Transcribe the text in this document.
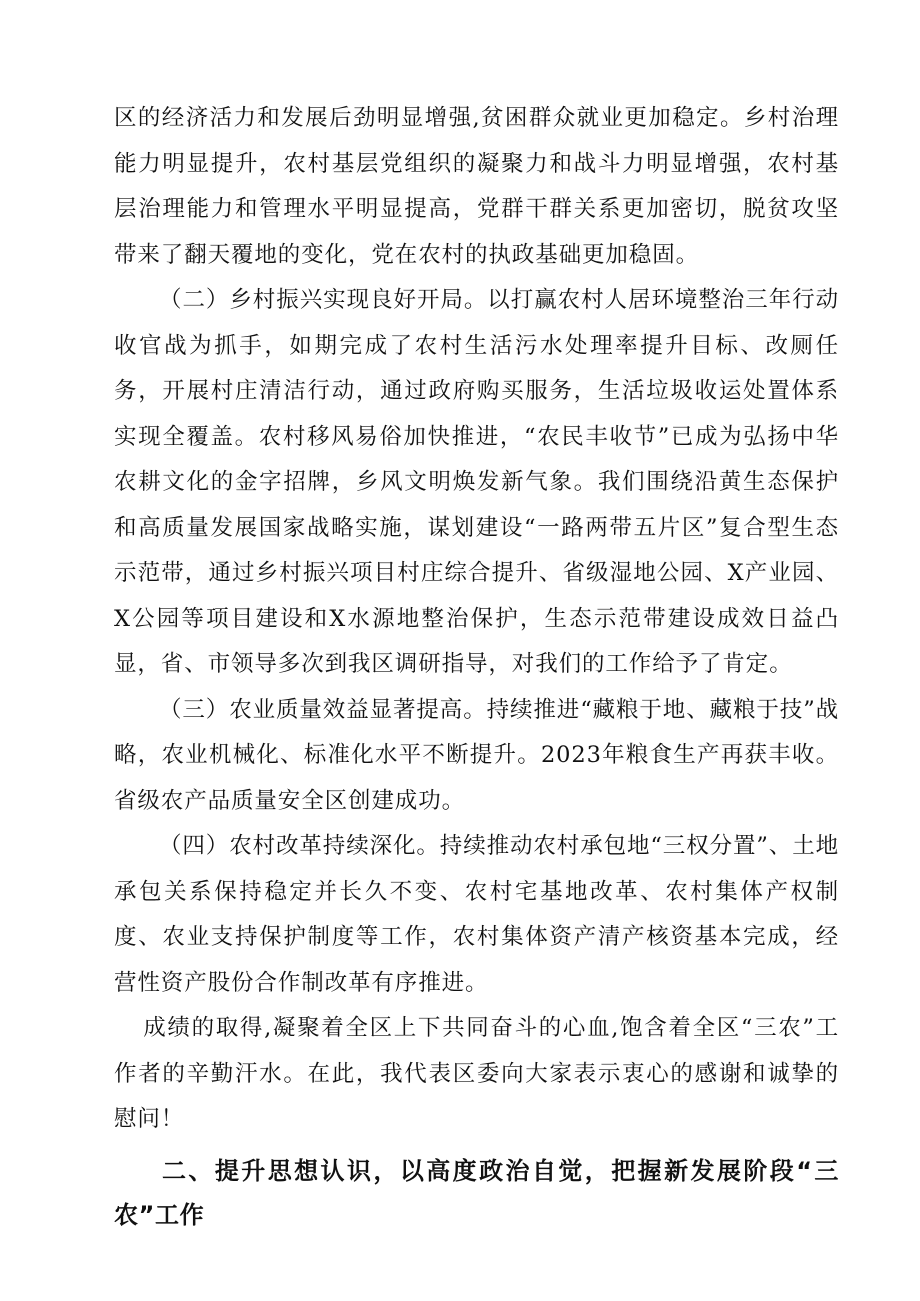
区的经济活力和发展后劲明显增强,贫困群众就业更加稳定。乡村治理能力明显提升，农村基层党组织的凝聚力和战斗力明显增强，农村基层治理能力和管理水平明显提高，党群干群关系更加密切，脱贫攻坚带来了翻天覆地的变化，党在农村的执政基础更加稳固。

（二）乡村振兴实现良好开局。以打赢农村人居环境整治三年行动收官战为抓手，如期完成了农村生活污水处理率提升目标、改厕任务，开展村庄清洁行动，通过政府购买服务，生活垃圾收运处置体系实现全覆盖。农村移风易俗加快推进，“农民丰收节”已成为弘扬中华农耕文化的金字招牌，乡风文明焕发新气象。我们围绕沿黄生态保护和高质量发展国家战略实施，谋划建设“一路两带五片区”复合型生态示范带，通过乡村振兴项目村庄综合提升、省级湿地公园、X产业园、X公园等项目建设和X水源地整治保护，生态示范带建设成效日益凸显，省、市领导多次到我区调研指导，对我们的工作给予了肯定。

（三）农业质量效益显著提高。持续推进“藏粮于地、藏粮于技”战略，农业机械化、标准化水平不断提升。2023年粮食生产再获丰收。省级农产品质量安全区创建成功。

（四）农村改革持续深化。持续推动农村承包地“三权分置”、土地承包关系保持稳定并长久不变、农村宅基地改革、农村集体产权制度、农业支持保护制度等工作，农村集体资产清产核资基本完成，经营性资产股份合作制改革有序推进。

成绩的取得,凝聚着全区上下共同奋斗的心血,饱含着全区“三农”工作者的辛勤汗水。在此，我代表区委向大家表示衷心的感谢和诚挚的慰问！

二、提升思想认识，以高度政治自觉，把握新发展阶段“三农”工作
